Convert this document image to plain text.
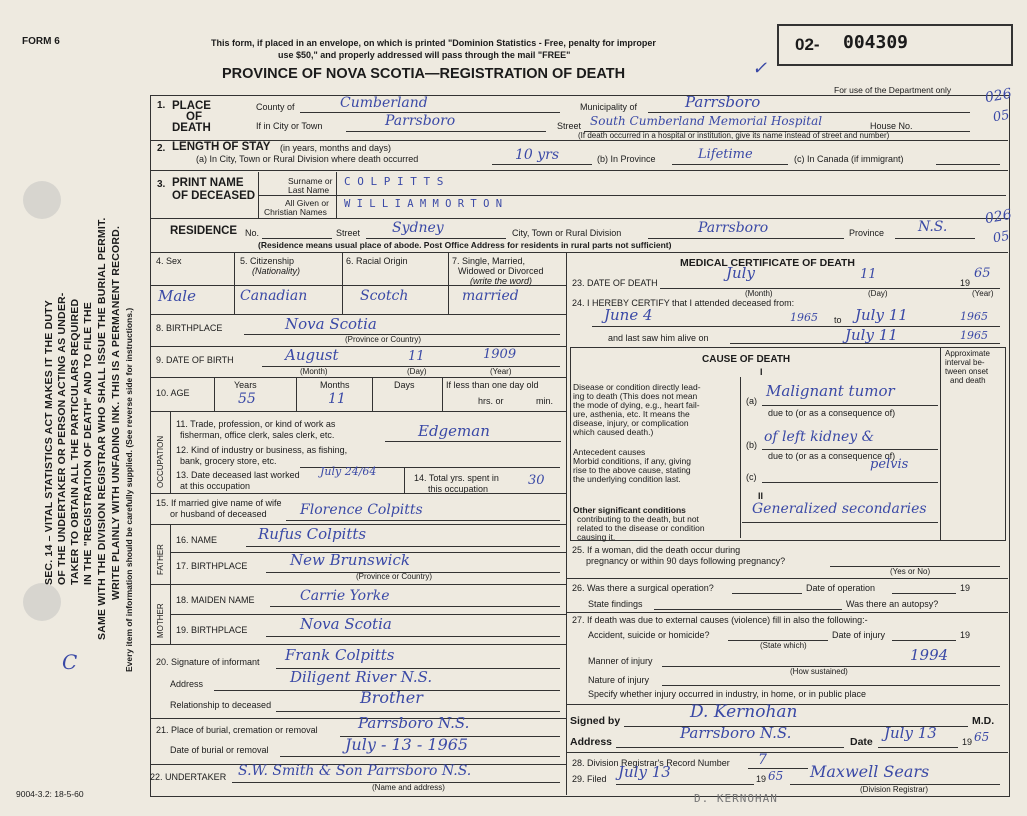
FORM 6	This form, if placed in an envelope, on which is printed "Dominion Statistics - Free, penalty for improper
use $50," and properly addressed will pass through the mail "FREE"
PROVINCE OF NOVA SCOTIA—REGISTRATION OF DEATH
02- 004309
For use of the Department only
✓
SEC. 14 – VITAL STATISTICS ACT MAKES IT THE DUTY OF THE UNDERTAKER OR PERSON ACTING AS UNDER- TAKER TO OBTAIN ALL THE PARTICULARS REQUIRED IN THE "REGISTRATION OF DEATH" AND TO FILE THE SAME WITH THE DIVISION REGISTRAR WHO SHALL ISSUE THE BURIAL PERMIT. WRITE PLAINLY WITH UNFADING INK. THIS IS A PERMANENT RECORD. Every item of information should be carefully supplied. (See reverse side for instructions.)
C
1. PLACE
OF
DEATH
County of	Cumberland	Municipality of	Parrsboro
If in City or Town	Parrsboro	Street South Cumberland Memorial Hospital	House No.
(If death occurred in a hospital or institution, give its name instead of street and number)
026
05
2. LENGTH OF STAY (in years, months and days)
(a) In City, Town or Rural Division where death occurred	10 yrs	(b) In Province	Lifetime	(c) In Canada (if immigrant)
3. PRINT NAME
OF DECEASED
Surname or
Last Name
All Given or
Christian Names
C O L P I T T S
W I L L I A M M O R T O N
RESIDENCE No.	Street Sydney	City, Town or Rural Division	Parrsboro	Province N.S.
(Residence means usual place of abode. Post Office Address for residents in rural parts not sufficient)
026
05
4. Sex	5. Citizenship
(Nationality)
6. Racial Origin	7. Single, Married,
Widowed or Divorced
(write the word)
Male	Canadian	Scotch	married
8. BIRTHPLACE	Nova Scotia
(Province or Country)
9. DATE OF BIRTH	August	11	1909
(Month)	(Day)	(Year)
10. AGE
Years	Months	Days
55	11
If less than one day old
hrs. or	min.
OCCUPATION
11. Trade, profession, or kind of work as
fisherman, office clerk, sales clerk, etc.	Edgeman
12. Kind of industry or business, as fishing,
bank, grocery store, etc.
13. Date deceased last worked
at this occupation
July 24/64	14. Total yrs. spent in
this occupation
30
15. If married give name of wife
or husband of deceased Florence Colpitts
FATHER
16. NAME	Rufus Colpitts
17. BIRTHPLACE	New Brunswick
(Province or Country)
MOTHER
18. MAIDEN NAME	Carrie Yorke
19. BIRTHPLACE	Nova Scotia
20. Signature of informant Frank Colpitts
Address	Diligent River N.S.
Relationship to deceased	Brother
21. Place of burial, cremation or removal	Parrsboro N.S.
Date of burial or removal	July - 13 - 1965
22. UNDERTAKER S.W. Smith & Son Parrsboro N.S.
(Name and address)
9004-3.2: 18-5-60
MEDICAL CERTIFICATE OF DEATH
23. DATE OF DEATH
July	11
19
65
(Month)	(Day)	(Year)
24. I HEREBY CERTIFY that I attended deceased from:
June 4	1965 to July 11	1965
and last saw him alive on	July 11	1965
CAUSE OF DEATH
I
Approximate
interval be-
tween onset
and death
Disease or condition directly lead-
ing to death (This does not mean
the mode of dying, e.g., heart fail-
ure, asthenia, etc. It means the
disease, injury, or complication
which caused death.)
(a)
Malignant tumor
due to (or as a consequence of)
Antecedent causes
Morbid conditions, if any, giving
rise to the above cause, stating
the underlying condition last.
(b) of left kidney &
due to (or as a consequence of)
pelvis
(c)
II
Other significant conditions
contributing to the death, but not
related to the disease or condition
causing it.
Generalized secondaries
25. If a woman, did the death occur during
pregnancy or within 90 days following pregnancy?
(Yes or No)
26. Was there a surgical operation?	Date of operation	19
State findings	Was there an autopsy?
27. If death was due to external causes (violence) fill in also the following:-
Accident, suicide or homicide?	Date of injury	19
(State which)
Manner of injury
(How sustained)
1994
Nature of injury
Specify whether injury occurred in industry, in home, or in public place
Signed by	D. Kernohan	M.D.
Address	Parrsboro N.S.	Date July 13	19 65
28. Division Registrar's Record Number 7
29. Filed July 13	19 65 Maxwell Sears
(Division Registrar)
D. KERNOHAN
